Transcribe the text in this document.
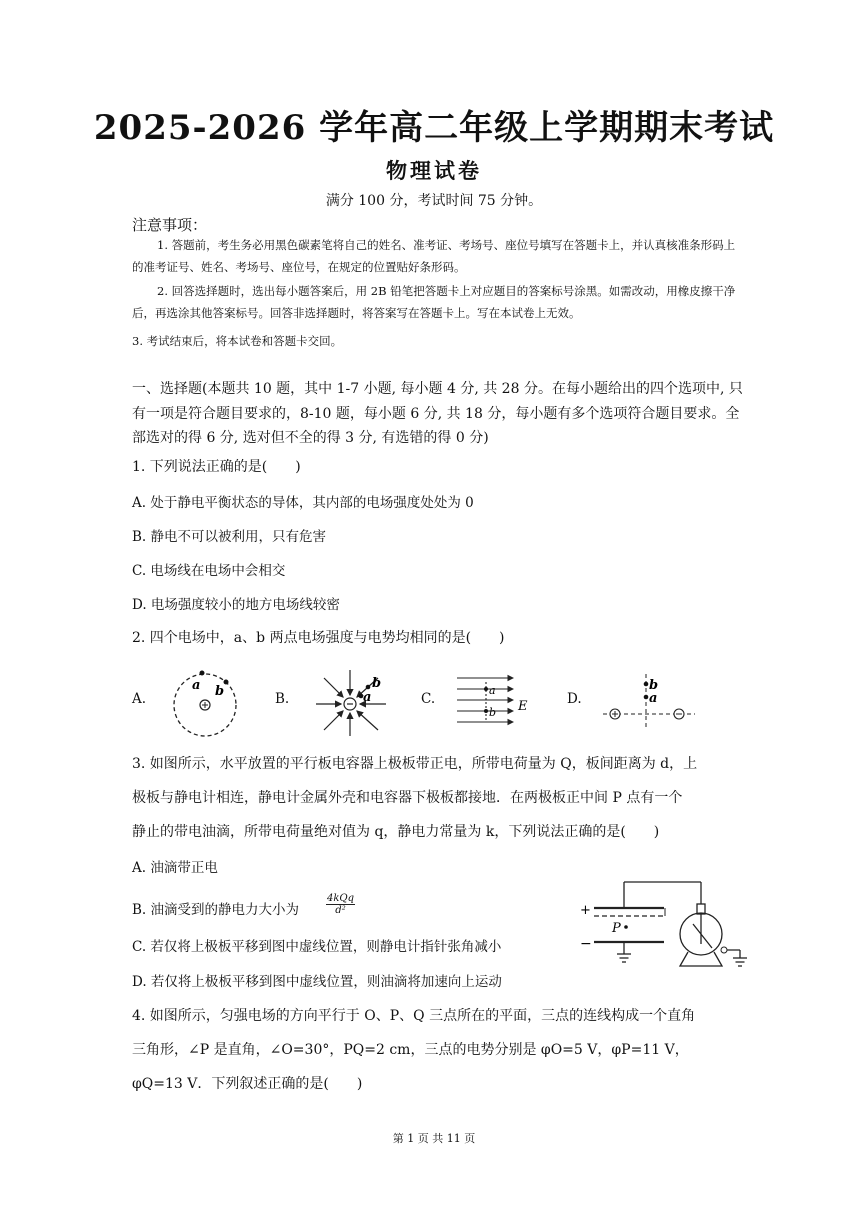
2025-2026 学年高二年级上学期期末考试
物理试卷
满分 100 分，考试时间 75 分钟。
注意事项：
1. 答题前，考生务必用黑色碳素笔将自己的姓名、准考证、考场号、座位号填写在答题卡上，并认真核准条形码上的准考证号、姓名、考场号、座位号，在规定的位置贴好条形码。
2. 回答选择题时，选出每小题答案后，用 2B 铅笔把答题卡上对应题目的答案标号涂黑。如需改动，用橡皮擦干净后，再选涂其他答案标号。回答非选择题时，将答案写在答题卡上。写在本试卷上无效。
3. 考试结束后，将本试卷和答题卡交回。
一、选择题(本题共 10 题，其中 1-7 小题, 每小题 4 分, 共 28 分。在每小题给出的四个选项中, 只有一项是符合题目要求的，8-10 题，每小题 6 分, 共 18 分，每小题有多个选项符合题目要求。全部选对的得 6 分, 选对但不全的得 3 分, 有选错的得 0 分)
1. 下列说法正确的是(　　)
A. 处于静电平衡状态的导体，其内部的电场强度处处为 0
B. 静电不可以被利用，只有危害
C. 电场线在电场中会相交
D. 电场强度较小的地方电场线较密
2. 四个电场中，a、b 两点电场强度与电势均相同的是(　　)
A.	B.	C.	D.
a b	a
b	a
b E
b
a
3. 如图所示，水平放置的平行板电容器上极板带正电，所带电荷量为 Q，板间距离为 d，上
极板与静电计相连，静电计金属外壳和电容器下极板都接地．在两极板正中间 P 点有一个
静止的带电油滴，所带电荷量绝对值为 q，静电力常量为 k，下列说法正确的是(　　)
A. 油滴带正电
B. 油滴受到的静电力大小为
4kQq
d²
C. 若仅将上极板平移到图中虚线位置，则静电计指针张角减小
D. 若仅将上极板平移到图中虚线位置，则油滴将加速向上运动
+
−
P
4. 如图所示，匀强电场的方向平行于 O、P、Q 三点所在的平面，三点的连线构成一个直角
三角形，∠P 是直角，∠O=30°，PQ=2 cm，三点的电势分别是 φO=5 V，φP=11 V，
φQ=13 V．下列叙述正确的是(　　)
第 1 页 共 11 页
